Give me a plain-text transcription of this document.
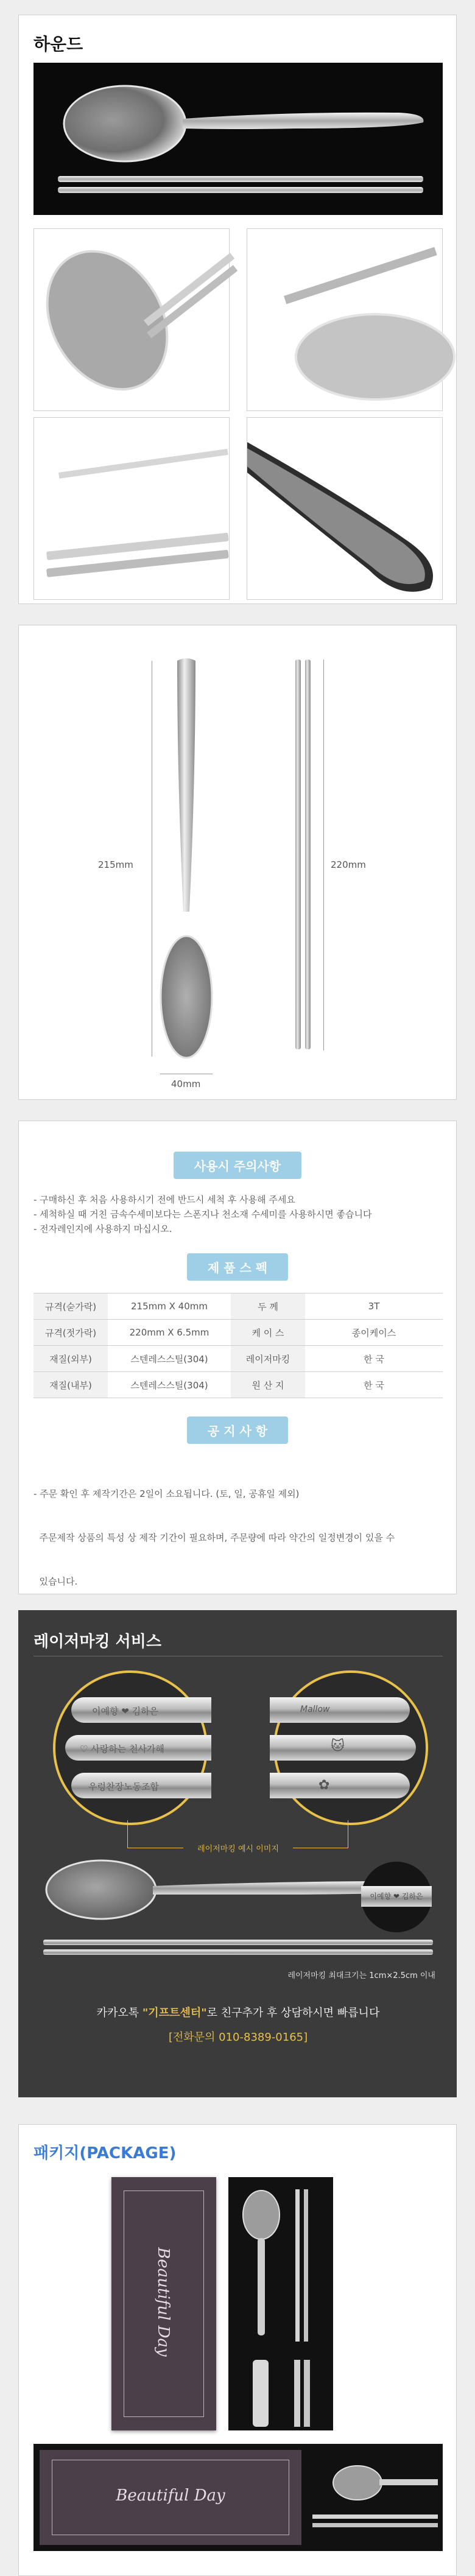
하운드
215mm
40mm
220mm
사용시 주의사항
- 구매하신 후 처음 사용하시기 전에 반드시 세척 후 사용해 주세요
- 세척하실 때 거친 금속수세미보다는 스폰지나 천소재 수세미를 사용하시면 좋습니다
- 전자레인지에 사용하지 마십시오.
제 품 스 펙
규격(숟가락)	215mm X 40mm	두 께	3T
규격(젓가락)	220mm X 6.5mm	케 이 스	종이케이스
재질(외부)	스텐레스스틸(304)	레이저마킹	한 국
재질(내부)	스텐레스스틸(304)	원 산 지	한 국
공 지 사 항

- 주문 확인 후 제작기간은 2일이 소요됩니다. (토, 일, 공휴일 제외)

주문제작 상품의 특성 상 제작 기간이 필요하며, 주문량에 따라 약간의 일정변경이 있을 수

있습니다.

레이저마킹 서비스
이예향 ❤ 김하은
♡ 사랑하는 천사가해
우렁찬장노동조합
Mallow
🐱
✿
레이저마킹 예시 이미지
이예향 ❤ 김하은
레이저마킹 최대크기는 1cm×2.5cm 이내
카카오톡 "기프트센터"로 친구추가 후 상담하시면 빠릅니다
[전화문의 010-8389-0165]
패키지(PACKAGE)
Beautiful Day
Beautiful Day
